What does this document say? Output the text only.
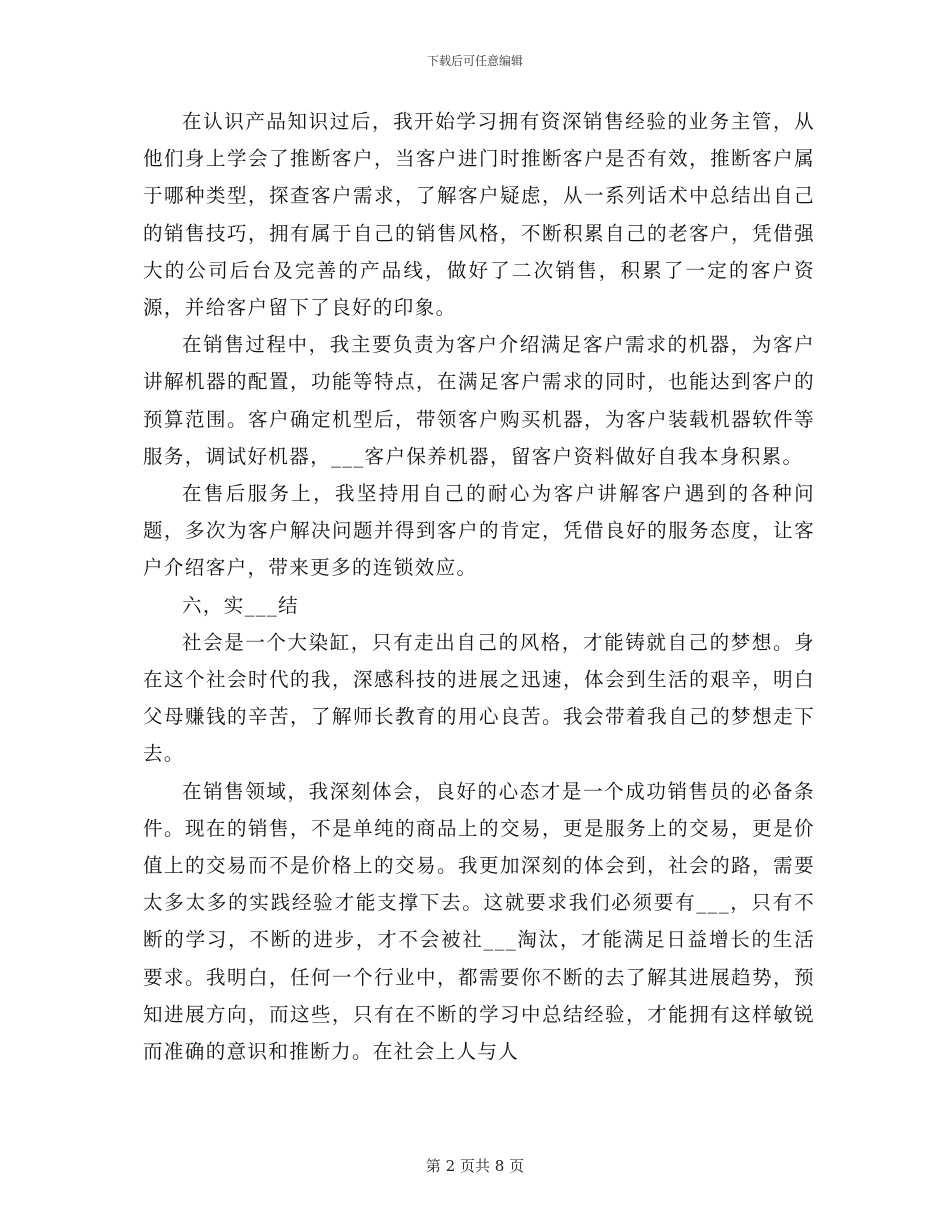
下载后可任意编辑

在认识产品知识过后，我开始学习拥有资深销售经验的业务主管，从他们身上学会了推断客户，当客户进门时推断客户是否有效，推断客户属于哪种类型，探查客户需求，了解客户疑虑，从一系列话术中总结出自己的销售技巧，拥有属于自己的销售风格，不断积累自己的老客户，凭借强大的公司后台及完善的产品线，做好了二次销售，积累了一定的客户资源，并给客户留下了良好的印象。

在销售过程中，我主要负责为客户介绍满足客户需求的机器，为客户讲解机器的配置，功能等特点，在满足客户需求的同时，也能达到客户的预算范围。客户确定机型后，带领客户购买机器，为客户装载机器软件等服务，调试好机器，___客户保养机器，留客户资料做好自我本身积累。

在售后服务上，我坚持用自己的耐心为客户讲解客户遇到的各种问题，多次为客户解决问题并得到客户的肯定，凭借良好的服务态度，让客户介绍客户，带来更多的连锁效应。

六，实___结

社会是一个大染缸，只有走出自己的风格，才能铸就自己的梦想。身在这个社会时代的我，深感科技的进展之迅速，体会到生活的艰辛，明白父母赚钱的辛苦，了解师长教育的用心良苦。我会带着我自己的梦想走下去。

在销售领域，我深刻体会，良好的心态才是一个成功销售员的必备条件。现在的销售，不是单纯的商品上的交易，更是服务上的交易，更是价值上的交易而不是价格上的交易。我更加深刻的体会到，社会的路，需要太多太多的实践经验才能支撑下去。这就要求我们必须要有___，只有不断的学习，不断的进步，才不会被社___淘汰，才能满足日益增长的生活要求。我明白，任何一个行业中，都需要你不断的去了解其进展趋势，预知进展方向，而这些，只有在不断的学习中总结经验，才能拥有这样敏锐而准确的意识和推断力。在社会上人与人

第 2 页共 8 页
